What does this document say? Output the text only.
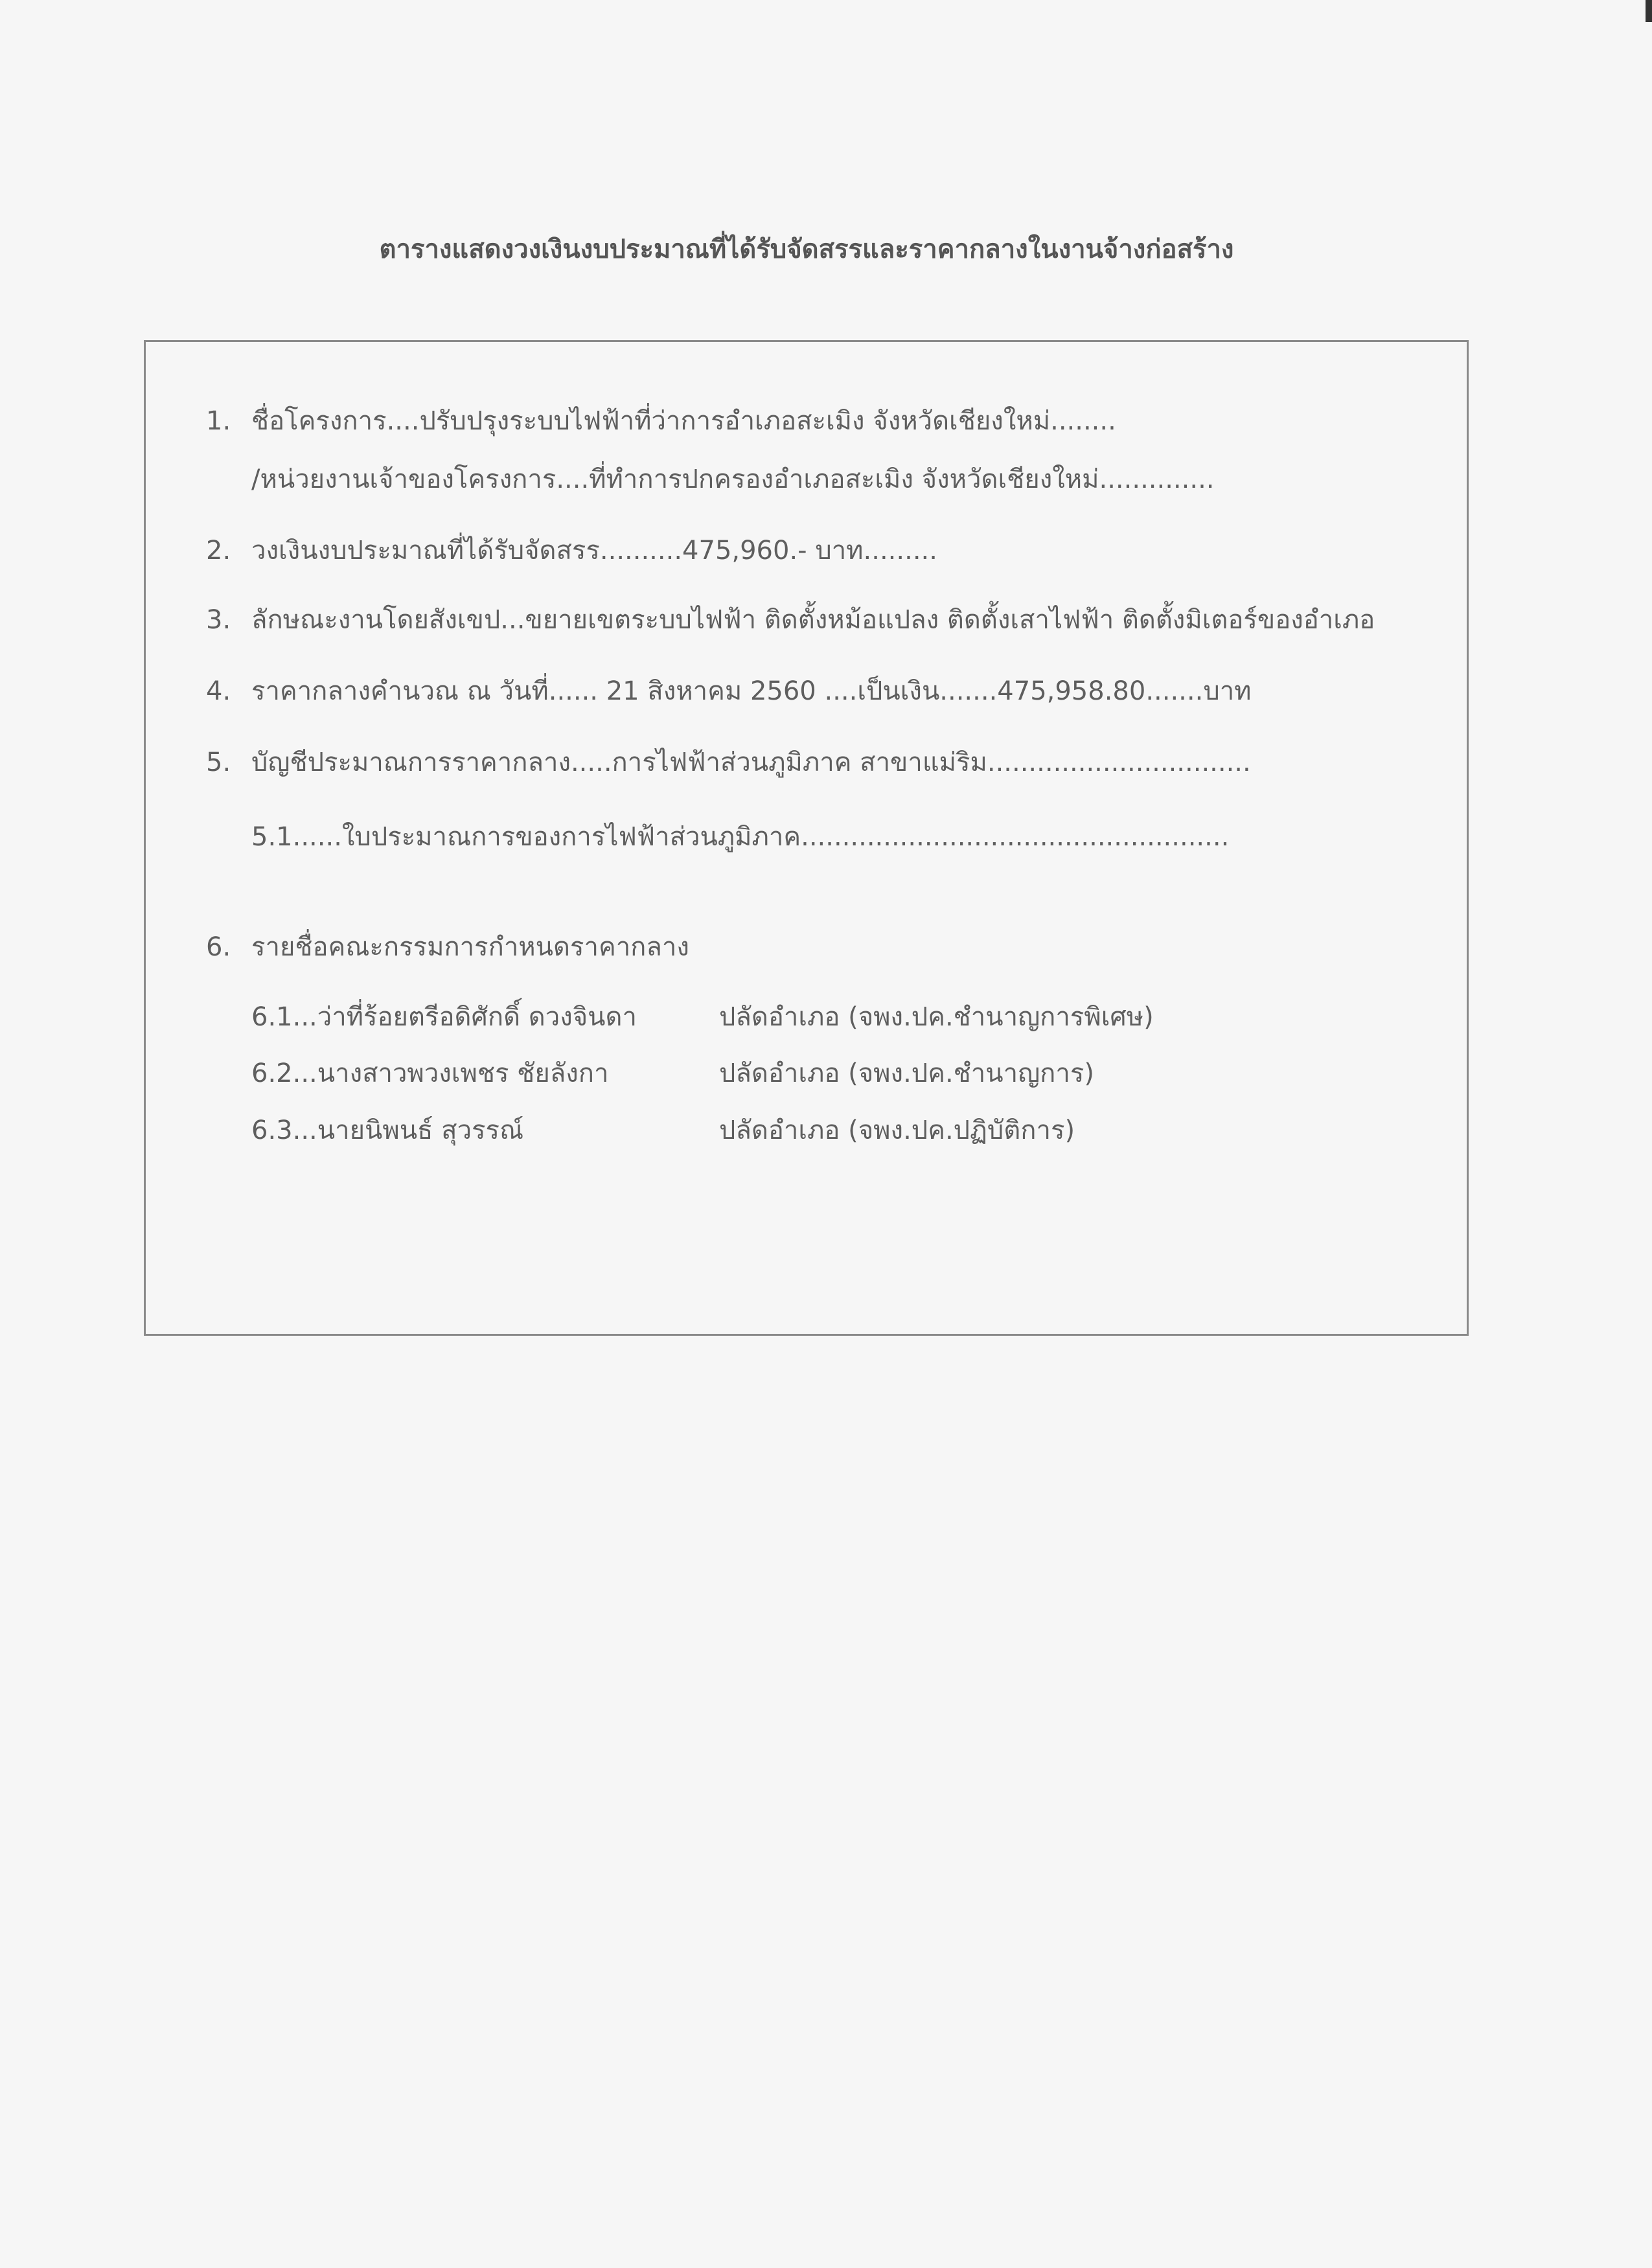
ตารางแสดงวงเงินงบประมาณที่ได้รับจัดสรรและราคากลางในงานจ้างก่อสร้าง
1. ชื่อโครงการ....ปรับปรุงระบบไฟฟ้าที่ว่าการอำเภอสะเมิง จังหวัดเชียงใหม่........
/หน่วยงานเจ้าของโครงการ....ที่ทำการปกครองอำเภอสะเมิง จังหวัดเชียงใหม่..............
2. วงเงินงบประมาณที่ได้รับจัดสรร..........475,960.- บาท.........
3. ลักษณะงานโดยสังเขป...ขยายเขตระบบไฟฟ้า ติดตั้งหม้อแปลง ติดตั้งเสาไฟฟ้า ติดตั้งมิเตอร์ของอำเภอ
4. ราคากลางคำนวณ ณ วันที่...... 21 สิงหาคม 2560 ....เป็นเงิน.......475,958.80.......บาท
5. บัญชีประมาณการราคากลาง.....การไฟฟ้าส่วนภูมิภาค สาขาแม่ริม................................
5.1......ใบประมาณการของการไฟฟ้าส่วนภูมิภาค....................................................
6. รายชื่อคณะกรรมการกำหนดราคากลาง
6.1...ว่าที่ร้อยตรีอดิศักดิ์ ดวงจินดา	ปลัดอำเภอ (จพง.ปค.ชำนาญการพิเศษ)
6.2...นางสาวพวงเพชร ชัยลังกา	ปลัดอำเภอ (จพง.ปค.ชำนาญการ)
6.3...นายนิพนธ์ สุวรรณ์	ปลัดอำเภอ (จพง.ปค.ปฏิบัติการ)
